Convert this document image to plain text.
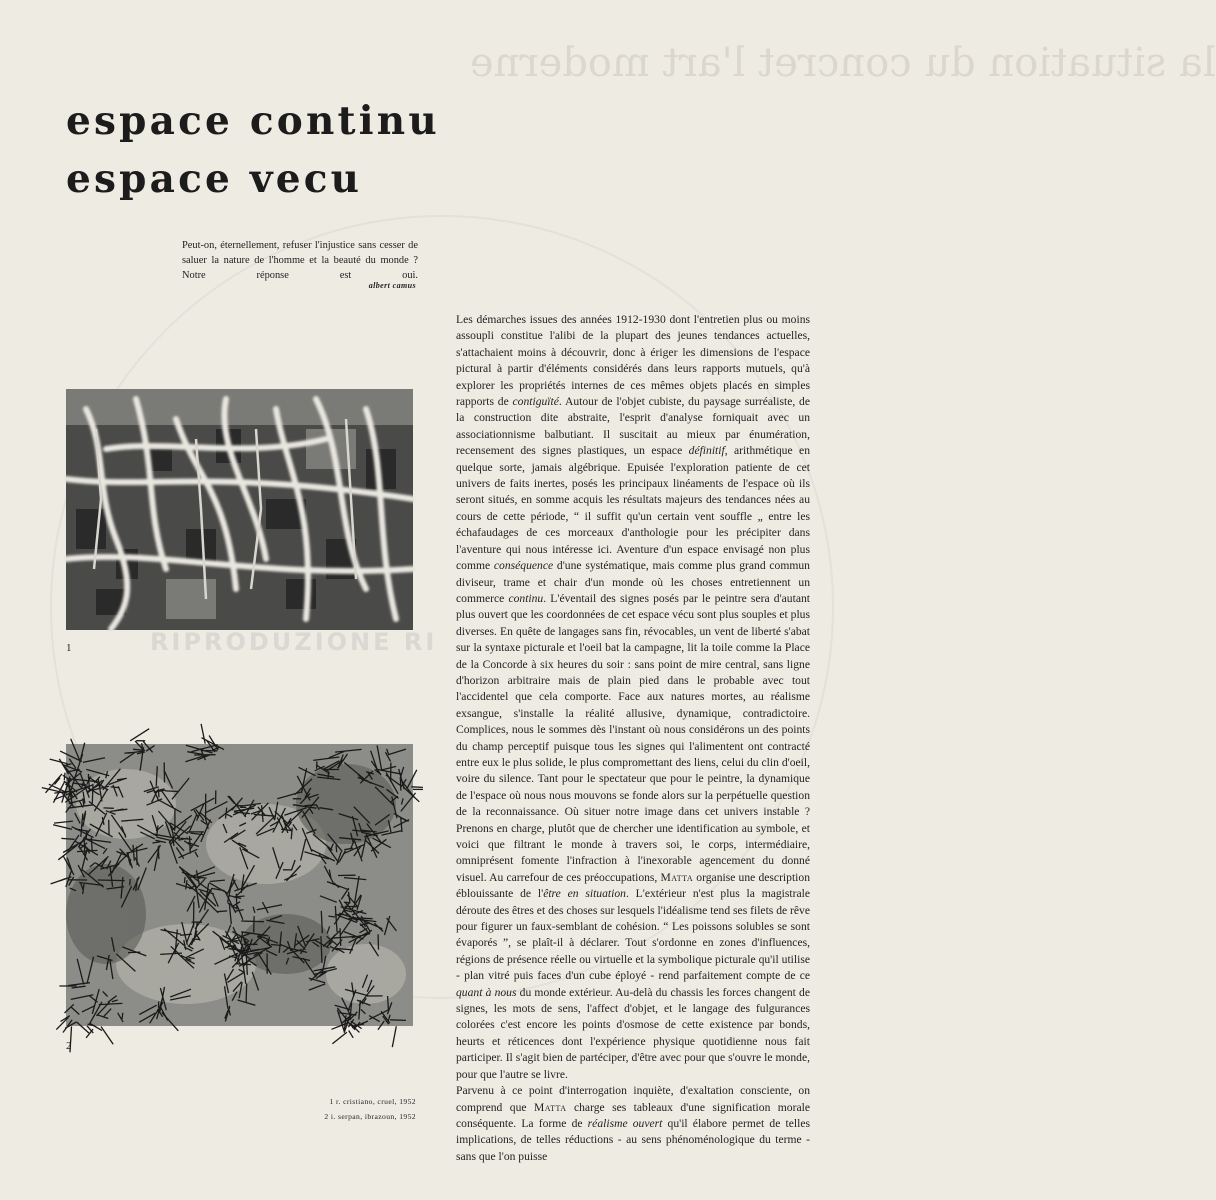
la situation du concret l'art moderne
espace continu
espace vecu
Peut-on, éternellement, refuser l'injustice sans cesser de saluer la nature de l'homme et la beauté du monde ? Notre réponse est oui.
albert camus
1
2
1 r. cristiano, cruel, 1952
2 i. serpan, ibrazoun, 1952
RIPRODUZIONE RI

Les démarches issues des années 1912-1930 dont l'entretien plus ou moins assoupli constitue l'alibi de la plupart des jeunes tendances actuelles, s'attachaient moins à découvrir, donc à ériger les dimensions de l'espace pictural à partir d'éléments considérés dans leurs rapports mutuels, qu'à explorer les propriétés internes de ces mêmes objets placés en simples rapports de contiguïté. Autour de l'objet cubiste, du paysage surréaliste, de la construction dite abstraite, l'esprit d'analyse forniquait avec un associationnisme balbutiant. Il suscitait au mieux par énumération, recensement des signes plastiques, un espace définitif, arithmétique en quelque sorte, jamais algébrique. Epuisée l'exploration patiente de cet univers de faits inertes, posés les principaux linéaments de l'espace où ils seront situés, en somme acquis les résultats majeurs des tendances nées au cours de cette période, “ il suffit qu'un certain vent souffle „ entre les échafaudages de ces morceaux d'anthologie pour les précipiter dans l'aventure qui nous intéresse ici. Aventure d'un espace envisagé non plus comme conséquence d'une systématique, mais comme plus grand commun diviseur, trame et chair d'un monde où les choses entretiennent un commerce continu. L'éventail des signes posés par le peintre sera d'autant plus ouvert que les coordonnées de cet espace vécu sont plus souples et plus diverses. En quête de langages sans fin, révocables, un vent de liberté s'abat sur la syntaxe picturale et l'oeil bat la campagne, lit la toile comme la Place de la Concorde à six heures du soir : sans point de mire central, sans ligne d'horizon arbitraire mais de plain pied dans le probable avec tout l'accidentel que cela comporte. Face aux natures mortes, au réalisme exsangue, s'installe la réalité allusive, dynamique, contradictoire. Complices, nous le sommes dès l'instant où nous considérons un des points du champ perceptif puisque tous les signes qui l'alimentent ont contracté entre eux le plus solide, le plus compromettant des liens, celui du clin d'oeil, voire du silence. Tant pour le spectateur que pour le peintre, la dynamique de l'espace où nous nous mouvons se fonde alors sur la perpétuelle question de la reconnaissance. Où situer notre image dans cet univers instable ? Prenons en charge, plutôt que de chercher une identification au symbole, et voici que filtrant le monde à travers soi, le corps, intermédiaire, omniprésent fomente l'infraction à l'inexorable agencement du donné visuel. Au carrefour de ces préoccupations, Matta organise une description éblouissante de l'être en situation. L'extérieur n'est plus la magistrale déroute des êtres et des choses sur lesquels l'idéalisme tend ses filets de rêve pour figurer un faux-semblant de cohésion. “ Les poissons solubles se sont évaporés ”, se plaît-il à déclarer. Tout s'ordonne en zones d'influences, régions de présence réelle ou virtuelle et la symbolique picturale qu'il utilise - plan vitré puis faces d'un cube éployé - rend parfaitement compte de ce quant à nous du monde extérieur. Au-delà du chassis les forces changent de signes, les mots de sens, l'affect d'objet, et le langage des fulgurances colorées c'est encore les points d'osmose de cette existence par bonds, heurts et réticences dont l'expérience physique quotidienne nous fait participer. Il s'agit bien de partéciper, d'être avec pour que s'ouvre le monde, pour que l'autre se livre.

Parvenu à ce point d'interrogation inquiète, d'exaltation consciente, on comprend que Matta charge ses tableaux d'une signification morale conséquente. La forme de réalisme ouvert qu'il élabore permet de telles implications, de telles réductions - au sens phénoménologique du terme - sans que l'on puisse
